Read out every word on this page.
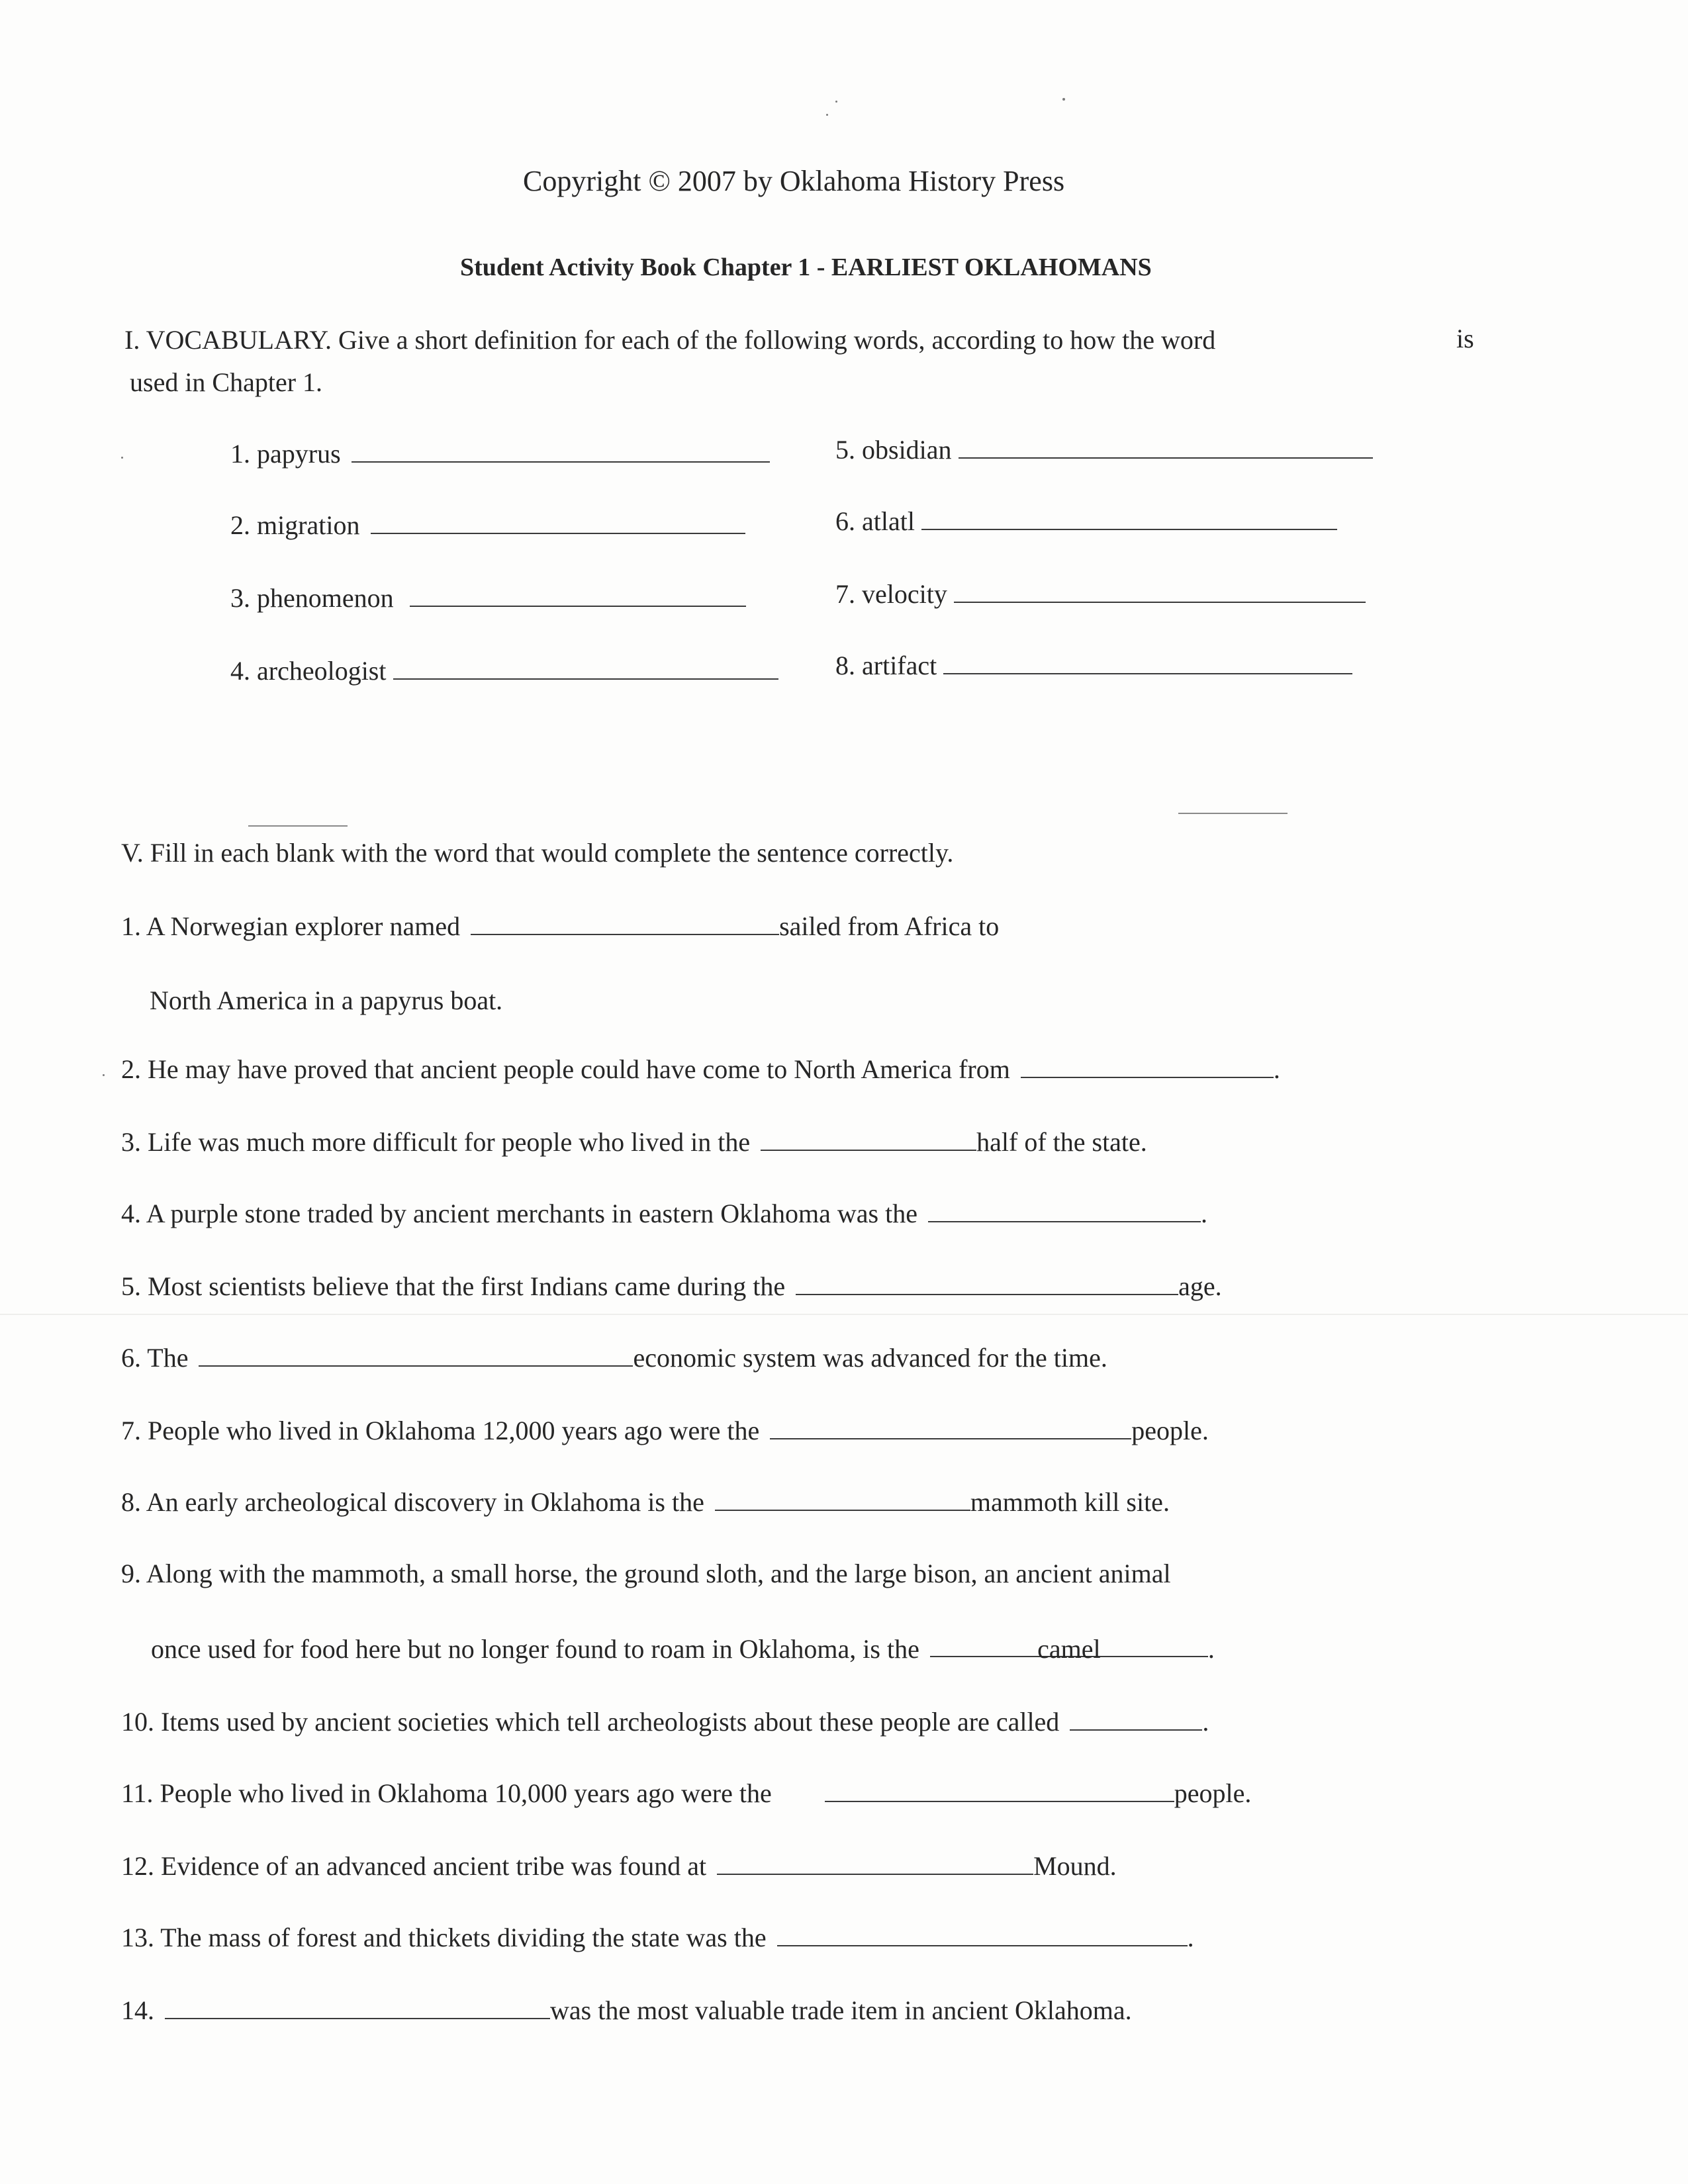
Copyright © 2007 by Oklahoma History Press
Student Activity Book Chapter 1 - EARLIEST OKLAHOMANS
I. VOCABULARY. Give a short definition for each of the following words, according to how the word	is
used in Chapter 1.
1. papyrus
2. migration
3. phenomenon
4. archeologist
5. obsidian
6. atlatl
7. velocity
8. artifact
V. Fill in each blank with the word that would complete the sentence correctly.
1. A Norwegian explorer named	sailed from Africa to
North America in a papyrus boat.
2. He may have proved that ancient people could have come to North America from	.
3. Life was much more difficult for people who lived in the	half of the state.
4. A purple stone traded by ancient merchants in eastern Oklahoma was the	.
5. Most scientists believe that the first Indians came during the	age.
6. The	economic system was advanced for the time.
7. People who lived in Oklahoma 12,000 years ago were the	people.
8. An early archeological discovery in Oklahoma is the	mammoth kill site.
9. Along with the mammoth, a small horse, the ground sloth, and the large bison, an ancient animal
once used for food here but no longer found to roam in Oklahoma, is the	camel	.
10. Items used by ancient societies which tell archeologists about these people are called	.
11. People who lived in Oklahoma 10,000 years ago were the	people.
12. Evidence of an advanced ancient tribe was found at	Mound.
13. The mass of forest and thickets dividing the state was the	.
14.	was the most valuable trade item in ancient Oklahoma.
